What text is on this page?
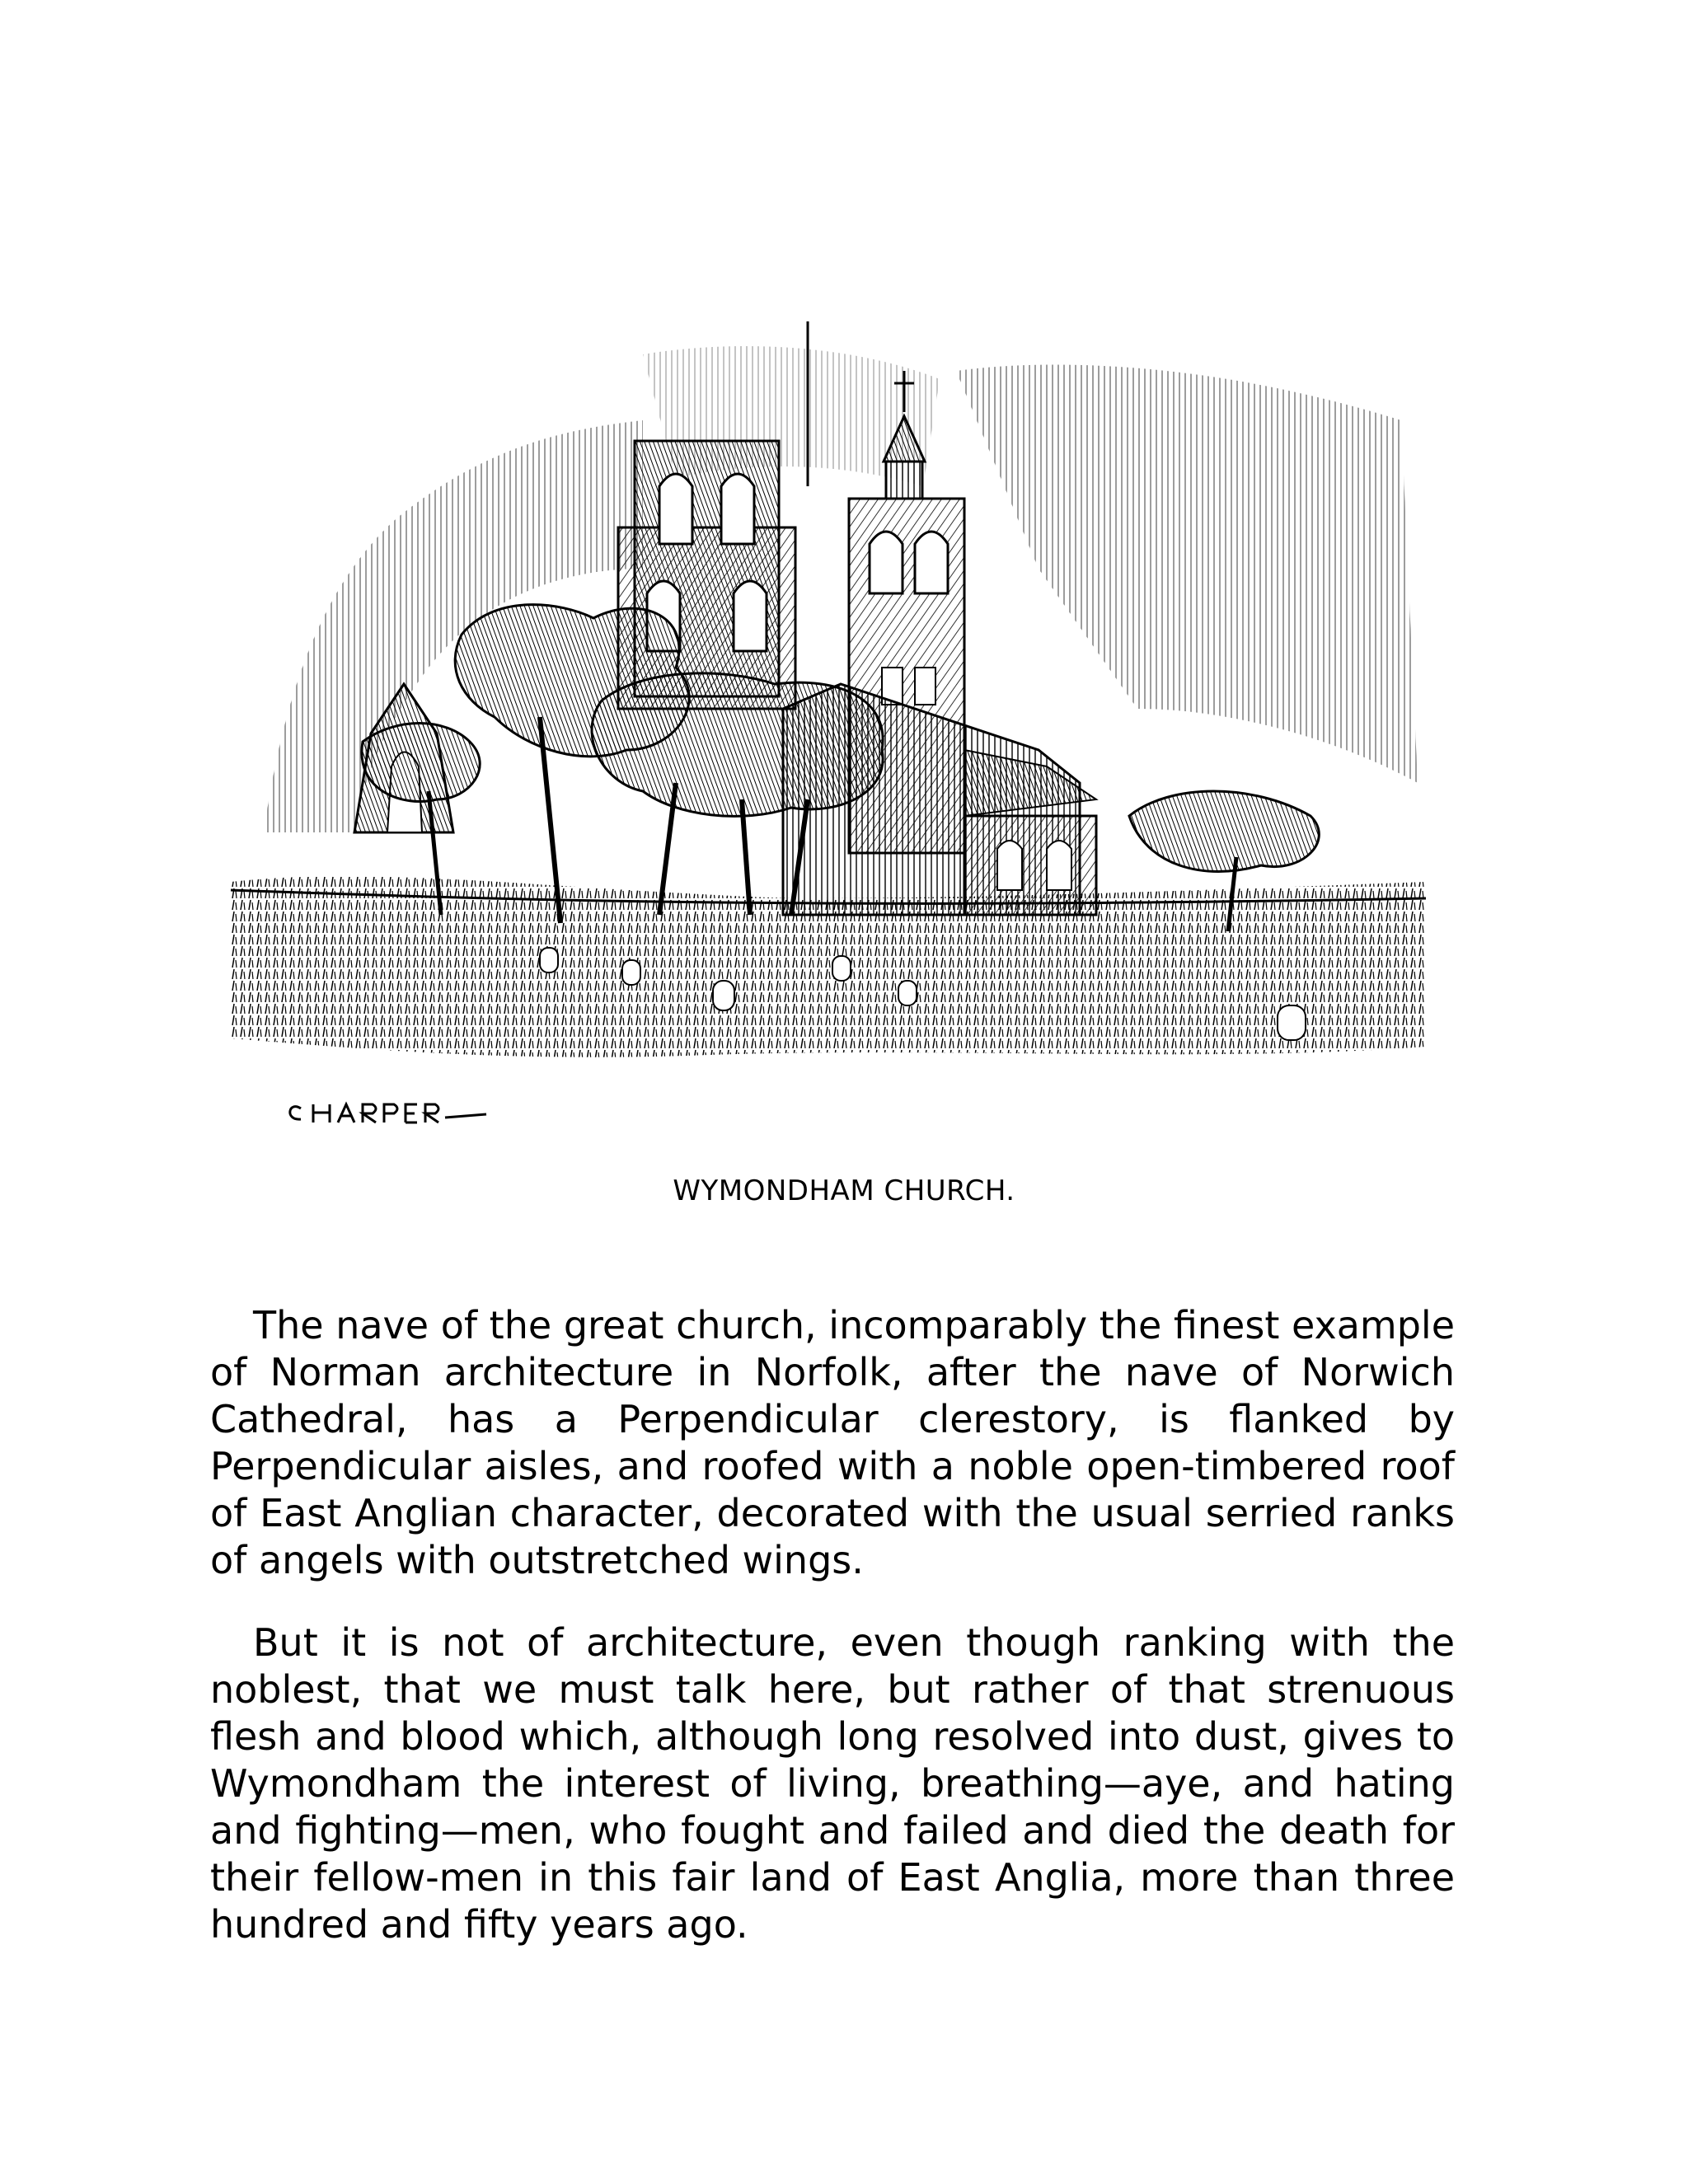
WYMONDHAM CHURCH.

The nave of the great church, incomparably the finest example of Norman architecture in Norfolk, after the nave of Norwich Cathedral, has a Perpendicular clerestory, is flanked by Perpendicular aisles, and roofed with a noble open-timbered roof of East Anglian character, decorated with the usual serried ranks of angels with outstretched wings.

But it is not of architecture, even though ranking with the noblest, that we must talk here, but rather of that strenuous flesh and blood which, although long resolved into dust, gives to Wymondham the interest of living, breathing—aye, and hating and fighting—men, who fought and failed and died the death for their fellow-men in this fair land of East Anglia, more than three hundred and fifty years ago.
